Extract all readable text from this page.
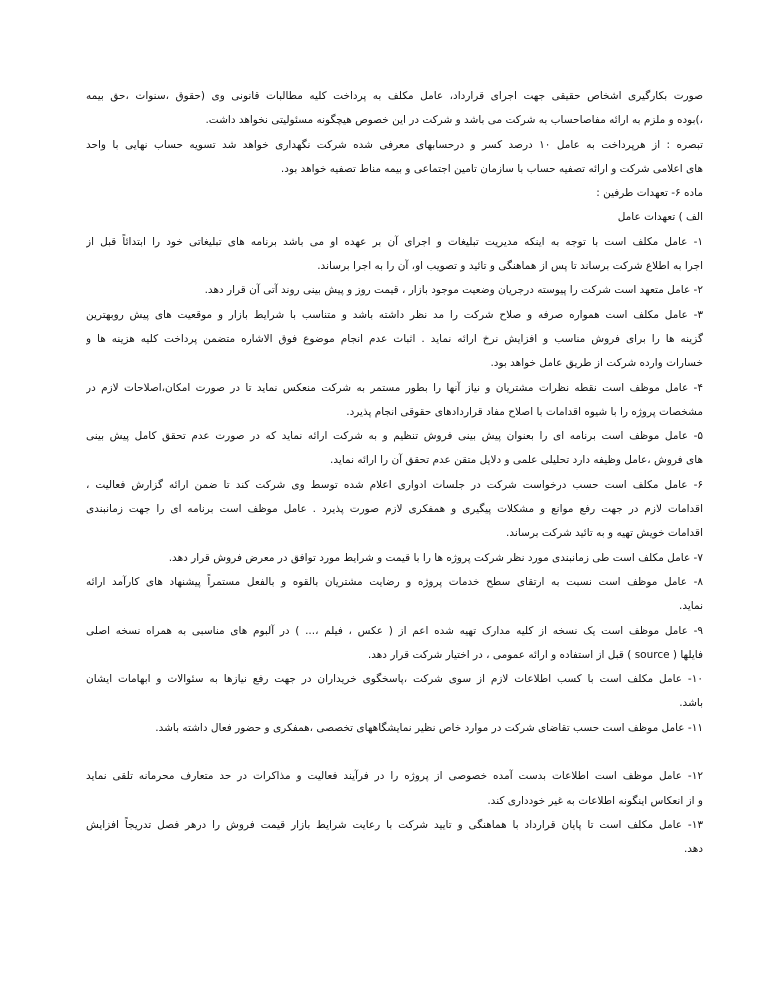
صورت بکارگیری اشخاص حقیقی جهت اجرای قرارداد، عامل مکلف به پرداخت کلیه مطالبات قانونی وی (حقوق ،سنوات ،حق بیمه
،)بوده و ملزم به ارائه مفاصاحساب به شرکت می باشد و شرکت در این خصوص هیچگونه مسئولیتی نخواهد داشت.
تبصره : از هرپرداخت به عامل ۱۰ درصد کسر و درحسابهای معرفی شده شرکت نگهداری خواهد شد تسویه حساب نهایی با واحد
های اعلامی شرکت و ارائه تصفیه حساب با سازمان تامین اجتماعی و بیمه مناط تصفیه خواهد بود.
ماده ۶- تعهدات طرفین :
الف ) تعهدات عامل
۱- عامل مکلف است با توجه به اینکه مدیریت تبلیغات و اجرای آن بر عهده او می باشد برنامه های تبلیغاتی خود را ابتدائاً قبل از
اجرا به اطلاع شرکت برساند تا پس از هماهنگی و تائید و تصویب او، آن را به اجرا برساند.
۲- عامل متعهد است شرکت را پیوسته درجریان وضعیت موجود بازار ، قیمت روز و پیش بینی روند آتی آن قرار دهد.
۳- عامل مکلف است همواره صرفه و صلاح شرکت را مد نظر داشته باشد و متناسب با شرایط بازار و موقعیت های پیش روبهترین
گزینه ها را برای فروش مناسب و افزایش نرخ ارائه نماید . اثبات عدم انجام موضوع فوق الاشاره متضمن پرداخت کلیه هزینه ها و
خسارات وارده شرکت از طریق عامل خواهد بود.
۴- عامل موظف است نقطه نظرات مشتریان و نیاز آنها را بطور مستمر به شرکت منعکس نماید تا در صورت امکان،اصلاحات لازم در
مشخصات پروژه را با شیوه اقدامات با اصلاح مفاد قراردادهای حقوقی انجام پذیرد.
۵- عامل موظف است برنامه ای را بعنوان پیش بینی فروش تنظیم و به شرکت ارائه نماید که در صورت عدم تحقق کامل پیش بینی
های فروش ،عامل وظیفه دارد تحلیلی علمی و دلایل متقن عدم تحقق آن را ارائه نماید.
۶- عامل مکلف است حسب درخواست شرکت در جلسات ادواری اعلام شده توسط وی شرکت کند تا ضمن ارائه گزارش فعالیت ،
اقدامات لازم در جهت رفع موانع و مشکلات پیگیری و همفکری لازم صورت پذیرد . عامل موظف است برنامه ای را جهت زمانبندی
اقدامات خویش تهیه و به تائید شرکت برساند.
۷- عامل مکلف است طی زمانبندی مورد نظر شرکت پروژه ها را با قیمت و شرایط مورد توافق در معرض فروش قرار دهد.
۸- عامل موظف است نسبت به ارتقای سطح خدمات پروژه و رضایت مشتریان بالقوه و بالفعل مستمراً پیشنهاد های کارآمد ارائه
نماید.
۹- عامل موظف است یک نسخه از کلیه مدارک تهیه شده اعم از ( عکس ، فیلم ،... ) در آلبوم های مناسبی به همراه نسخه اصلی
فایلها ( source ) قبل از استفاده و ارائه عمومی ، در اختیار شرکت قرار دهد.
۱۰- عامل مکلف است با کسب اطلاعات لازم از سوی شرکت ،پاسخگوی خریداران در جهت رفع نیازها به سئوالات و ابهامات ایشان
باشد.
۱۱- عامل موظف است حسب تقاضای شرکت در موارد خاص نظیر نمایشگاههای تخصصی ،همفکری و حضور فعال داشته باشد.

۱۲- عامل موظف است اطلاعات بدست آمده خصوصی از پروژه را در فرآیند فعالیت و مذاکرات در حد متعارف محرمانه تلقی نماید
و از انعکاس اینگونه اطلاعات به غیر خودداری کند.
۱۳- عامل مکلف است تا پایان قرارداد با هماهنگی و تایید شرکت با رعایت شرایط بازار قیمت فروش را درهر فصل تدریجاً افزایش
دهد.
